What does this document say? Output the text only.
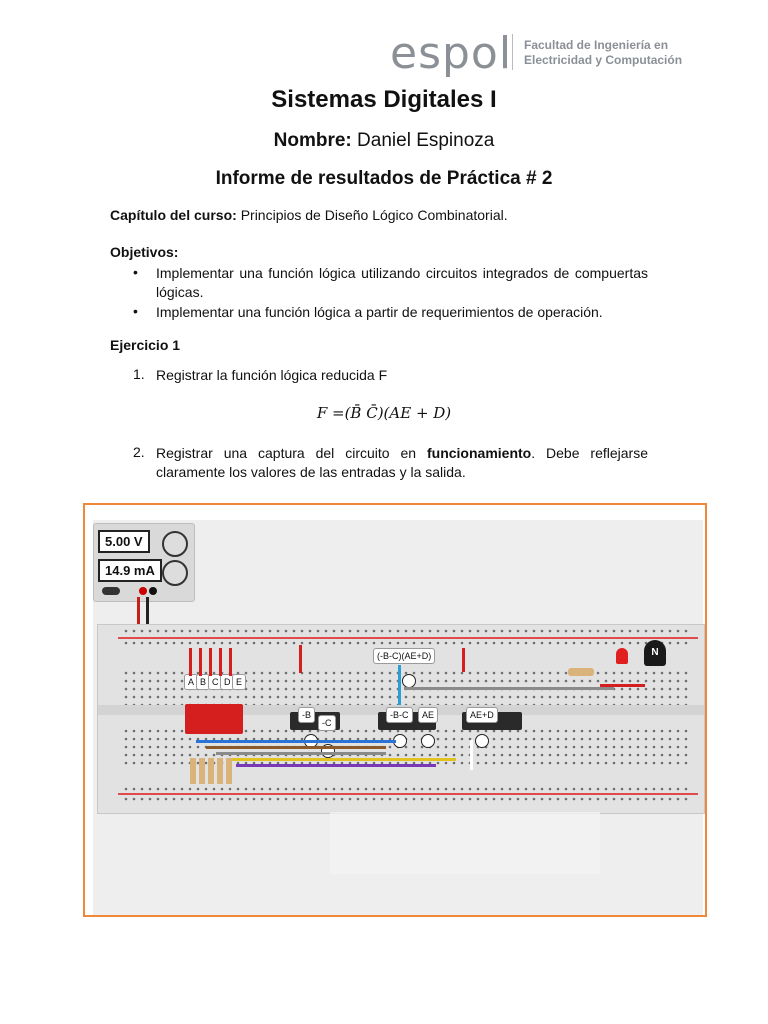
espol Facultad de Ingeniería en
Electricidad y Computación
Sistemas Digitales I
Nombre: Daniel Espinoza
Informe de resultados de Práctica # 2
Capítulo del curso: Principios de Diseño Lógico Combinatorial.
Objetivos:
• Implementar una función lógica utilizando circuitos integrados de compuertas lógicas.
• Implementar una función lógica a partir de requerimientos de operación.
Ejercicio 1
1. Registrar la función lógica reducida F
F =(B̄ C̄)(AE + D)
2. Registrar una captura del circuito en funcionamiento. Debe reflejarse claramente los valores de las entradas y la salida.
5.00 V
14.9 mA
A B C D E
-B
-C
-B-C	AE	AE+D
(-B-C)(AE+D)	N
